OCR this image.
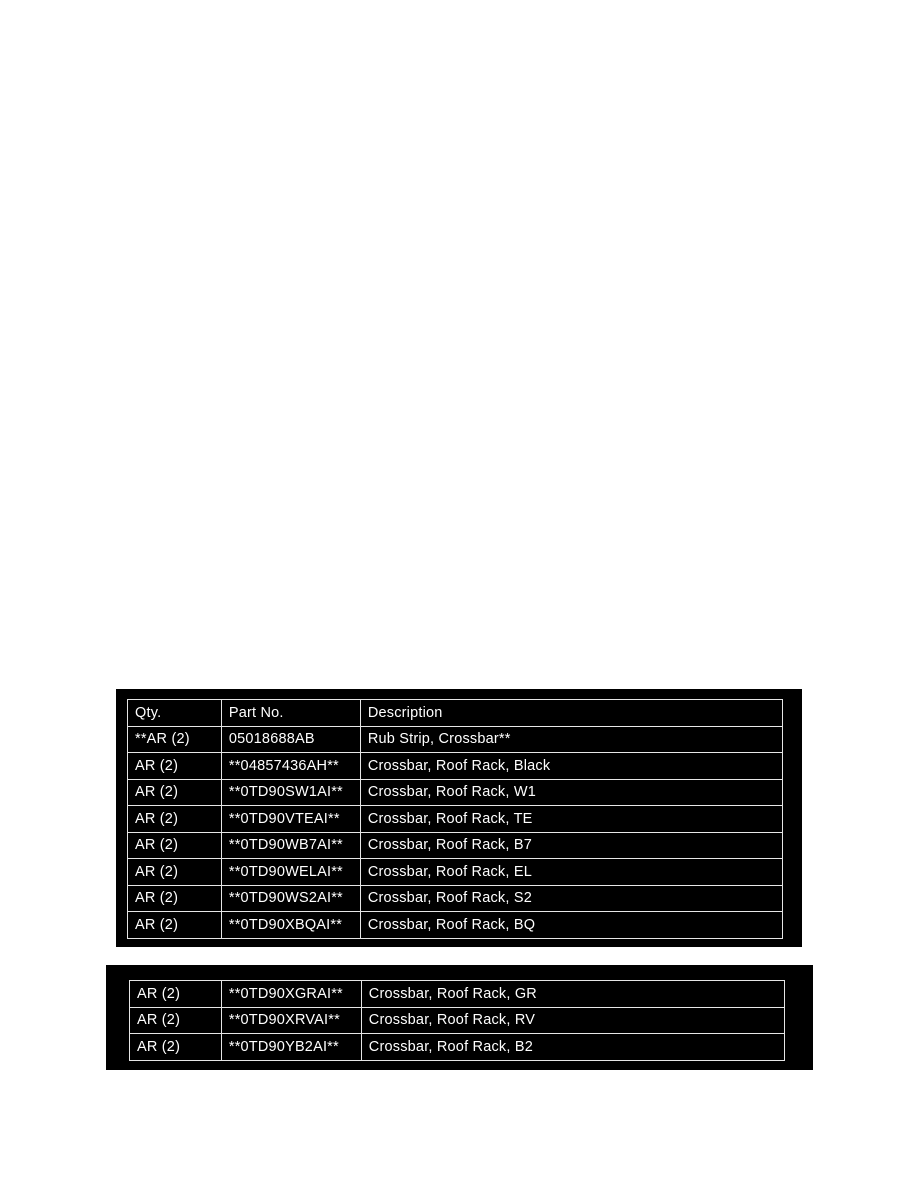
Qty.	Part No.	Description
**AR (2)	05018688AB	Rub Strip, Crossbar**
AR (2)	**04857436AH**	Crossbar, Roof Rack, Black
AR (2)	**0TD90SW1AI**	Crossbar, Roof Rack, W1
AR (2)	**0TD90VTEAI**	Crossbar, Roof Rack, TE
AR (2)	**0TD90WB7AI**	Crossbar, Roof Rack, B7
AR (2)	**0TD90WELAI**	Crossbar, Roof Rack, EL
AR (2)	**0TD90WS2AI**	Crossbar, Roof Rack, S2
AR (2)	**0TD90XBQAI**	Crossbar, Roof Rack, BQ
AR (2)	**0TD90XGRAI**	Crossbar, Roof Rack, GR
AR (2)	**0TD90XRVAI**	Crossbar, Roof Rack, RV
AR (2)	**0TD90YB2AI**	Crossbar, Roof Rack, B2
